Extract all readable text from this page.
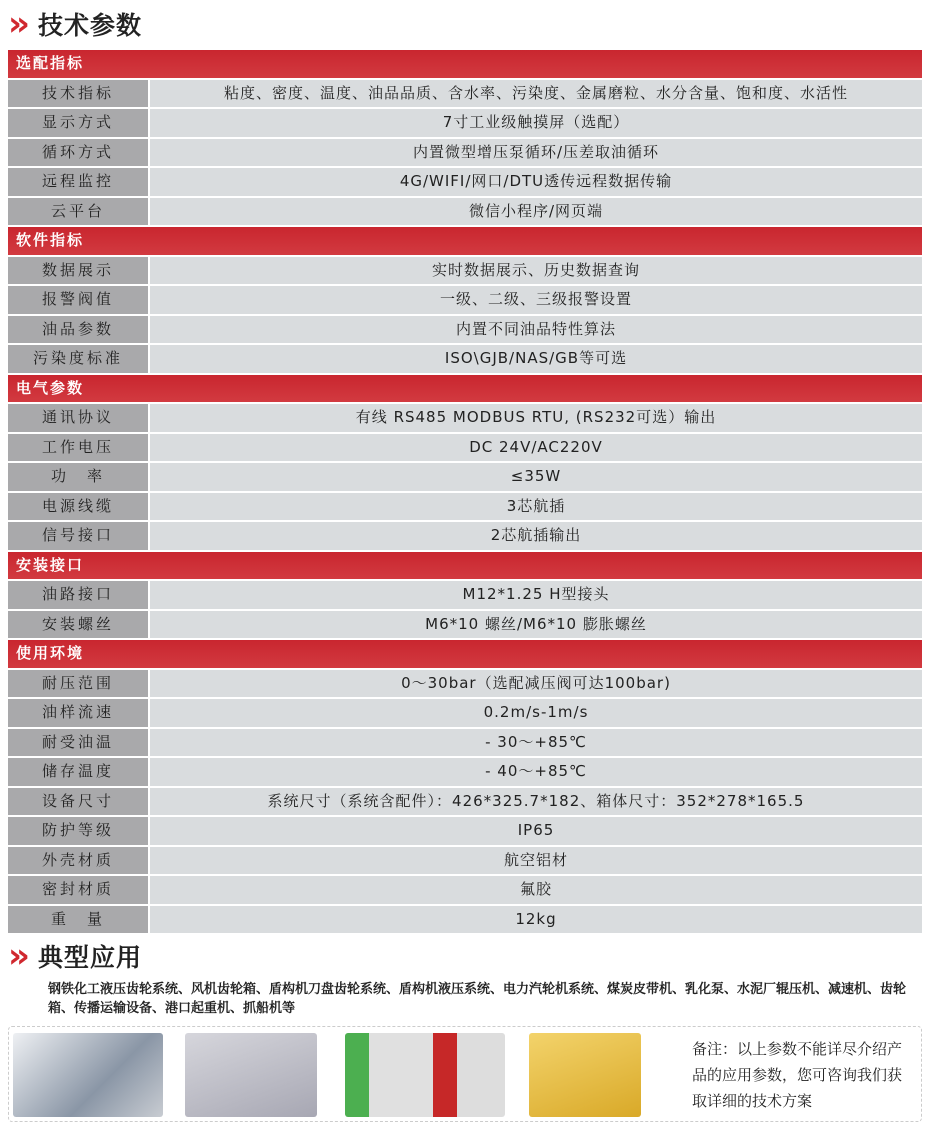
» 技术参数
选配指标
技术指标	粘度、密度、温度、油品品质、含水率、污染度、金属磨粒、水分含量、饱和度、水活性
显示方式	7寸工业级触摸屏（选配）
循环方式	内置微型增压泵循环/压差取油循环
远程监控	4G/WIFI/网口/DTU透传远程数据传输
云平台	微信小程序/网页端
软件指标
数据展示	实时数据展示、历史数据查询
报警阀值	一级、二级、三级报警设置
油品参数	内置不同油品特性算法
污染度标准	ISO\GJB/NAS/GB等可选
电气参数
通讯协议	有线 RS485 MODBUS RTU, (RS232可选）输出
工作电压	DC 24V/AC220V
功　率	≤35W
电源线缆	3芯航插
信号接口	2芯航插输出
安装接口
油路接口	M12*1.25 H型接头
安装螺丝	M6*10 螺丝/M6*10 膨胀螺丝
使用环境
耐压范围	0～30bar（选配减压阀可达100bar)
油样流速	0.2m/s-1m/s
耐受油温	- 30～+85℃
储存温度	- 40～+85℃
设备尺寸	系统尺寸（系统含配件）：426*325.7*182、箱体尺寸：352*278*165.5
防护等级	IP65
外壳材质	航空铝材
密封材质	氟胶
重　量	12kg
» 典型应用
钢铁化工液压齿轮系统、风机齿轮箱、盾构机刀盘齿轮系统、盾构机液压系统、电力汽轮机系统、煤炭皮带机、乳化泵、水泥厂辊压机、减速机、齿轮箱、传播运输设备、港口起重机、抓船机等
备注：以上参数不能详尽介绍产品的应用参数，您可咨询我们获取详细的技术方案
